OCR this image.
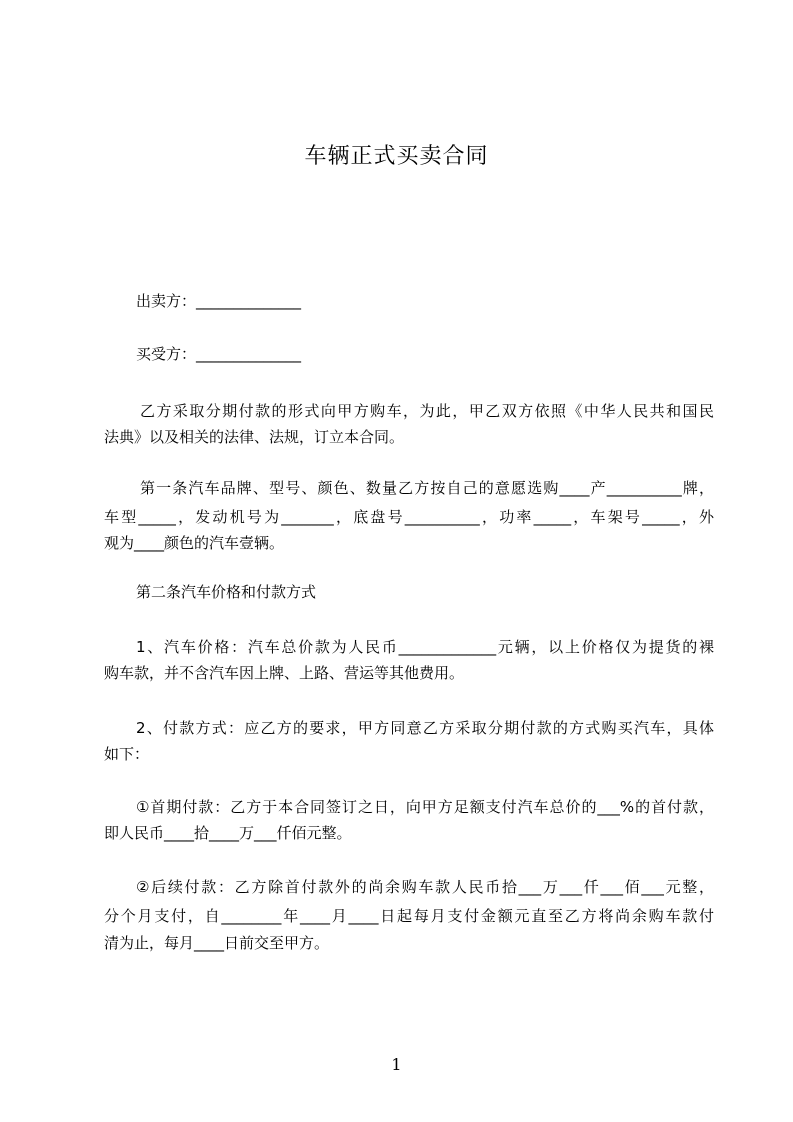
车辆正式买卖合同
出卖方：______________
买受方：______________
乙方采取分期付款的形式向甲方购车，为此，甲乙双方依照《中华人民共和国民
法典》以及相关的法律、法规，订立本合同。
第一条汽车品牌、型号、颜色、数量乙方按自己的意愿选购____产__________牌，
车型_____，发动机号为_______，底盘号__________，功率_____，车架号_____，外
观为____颜色的汽车壹辆。
第二条汽车价格和付款方式
1、汽车价格：汽车总价款为人民币_____________元辆，以上价格仅为提货的裸
购车款，并不含汽车因上牌、上路、营运等其他费用。
2、付款方式：应乙方的要求，甲方同意乙方采取分期付款的方式购买汽车，具体
如下：
①首期付款：乙方于本合同签订之日，向甲方足额支付汽车总价的___%的首付款，
即人民币____拾____万___仟佰元整。
②后续付款：乙方除首付款外的尚余购车款人民币拾___万___仟___佰___元整，
分个月支付，自________年____月____日起每月支付金额元直至乙方将尚余购车款付
清为止，每月____日前交至甲方。
1
